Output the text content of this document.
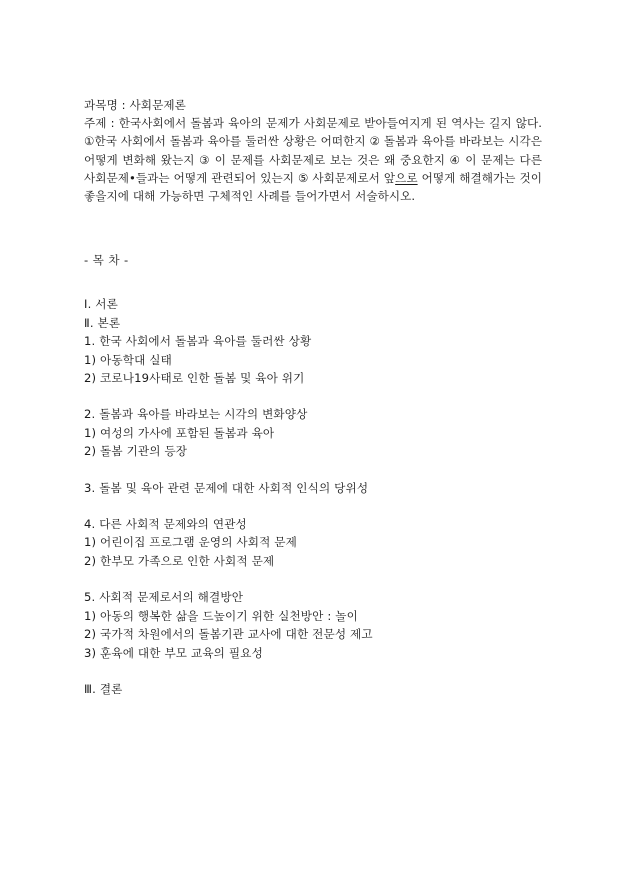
과목명 : 사회문제론
주제 : 한국사회에서 돌봄과 육아의 문제가 사회문제로 받아들여지게 된 역사는 길지 않다. ①한국 사회에서 돌봄과 육아를 둘러싼 상황은 어떠한지 ② 돌봄과 육아를 바라보는 시각은 어떻게 변화해 왔는지 ③ 이 문제를 사회문제로 보는 것은 왜 중요한지 ④ 이 문제는 다른 사회문제•들과는 어떻게 관련되어 있는지 ⑤ 사회문제로서 앞으로 어떻게 해결해가는 것이 좋을지에 대해 가능하면 구체적인 사례를 들어가면서 서술하시오.
- 목 차 -
Ⅰ. 서론
Ⅱ. 본론
1. 한국 사회에서 돌봄과 육아를 둘러싼 상황
1) 아동학대 실태
2) 코로나19사태로 인한 돌봄 및 육아 위기
2. 돌봄과 육아를 바라보는 시각의 변화양상
1) 여성의 가사에 포함된 돌봄과 육아
2) 돌봄 기관의 등장
3. 돌봄 및 육아 관련 문제에 대한 사회적 인식의 당위성
4. 다른 사회적 문제와의 연관성
1) 어린이집 프로그램 운영의 사회적 문제
2) 한부모 가족으로 인한 사회적 문제
5. 사회적 문제로서의 해결방안
1) 아동의 행복한 삶을 드높이기 위한 실천방안 : 놀이
2) 국가적 차원에서의 돌봄기관 교사에 대한 전문성 제고
3) 훈육에 대한 부모 교육의 필요성
Ⅲ. 결론
